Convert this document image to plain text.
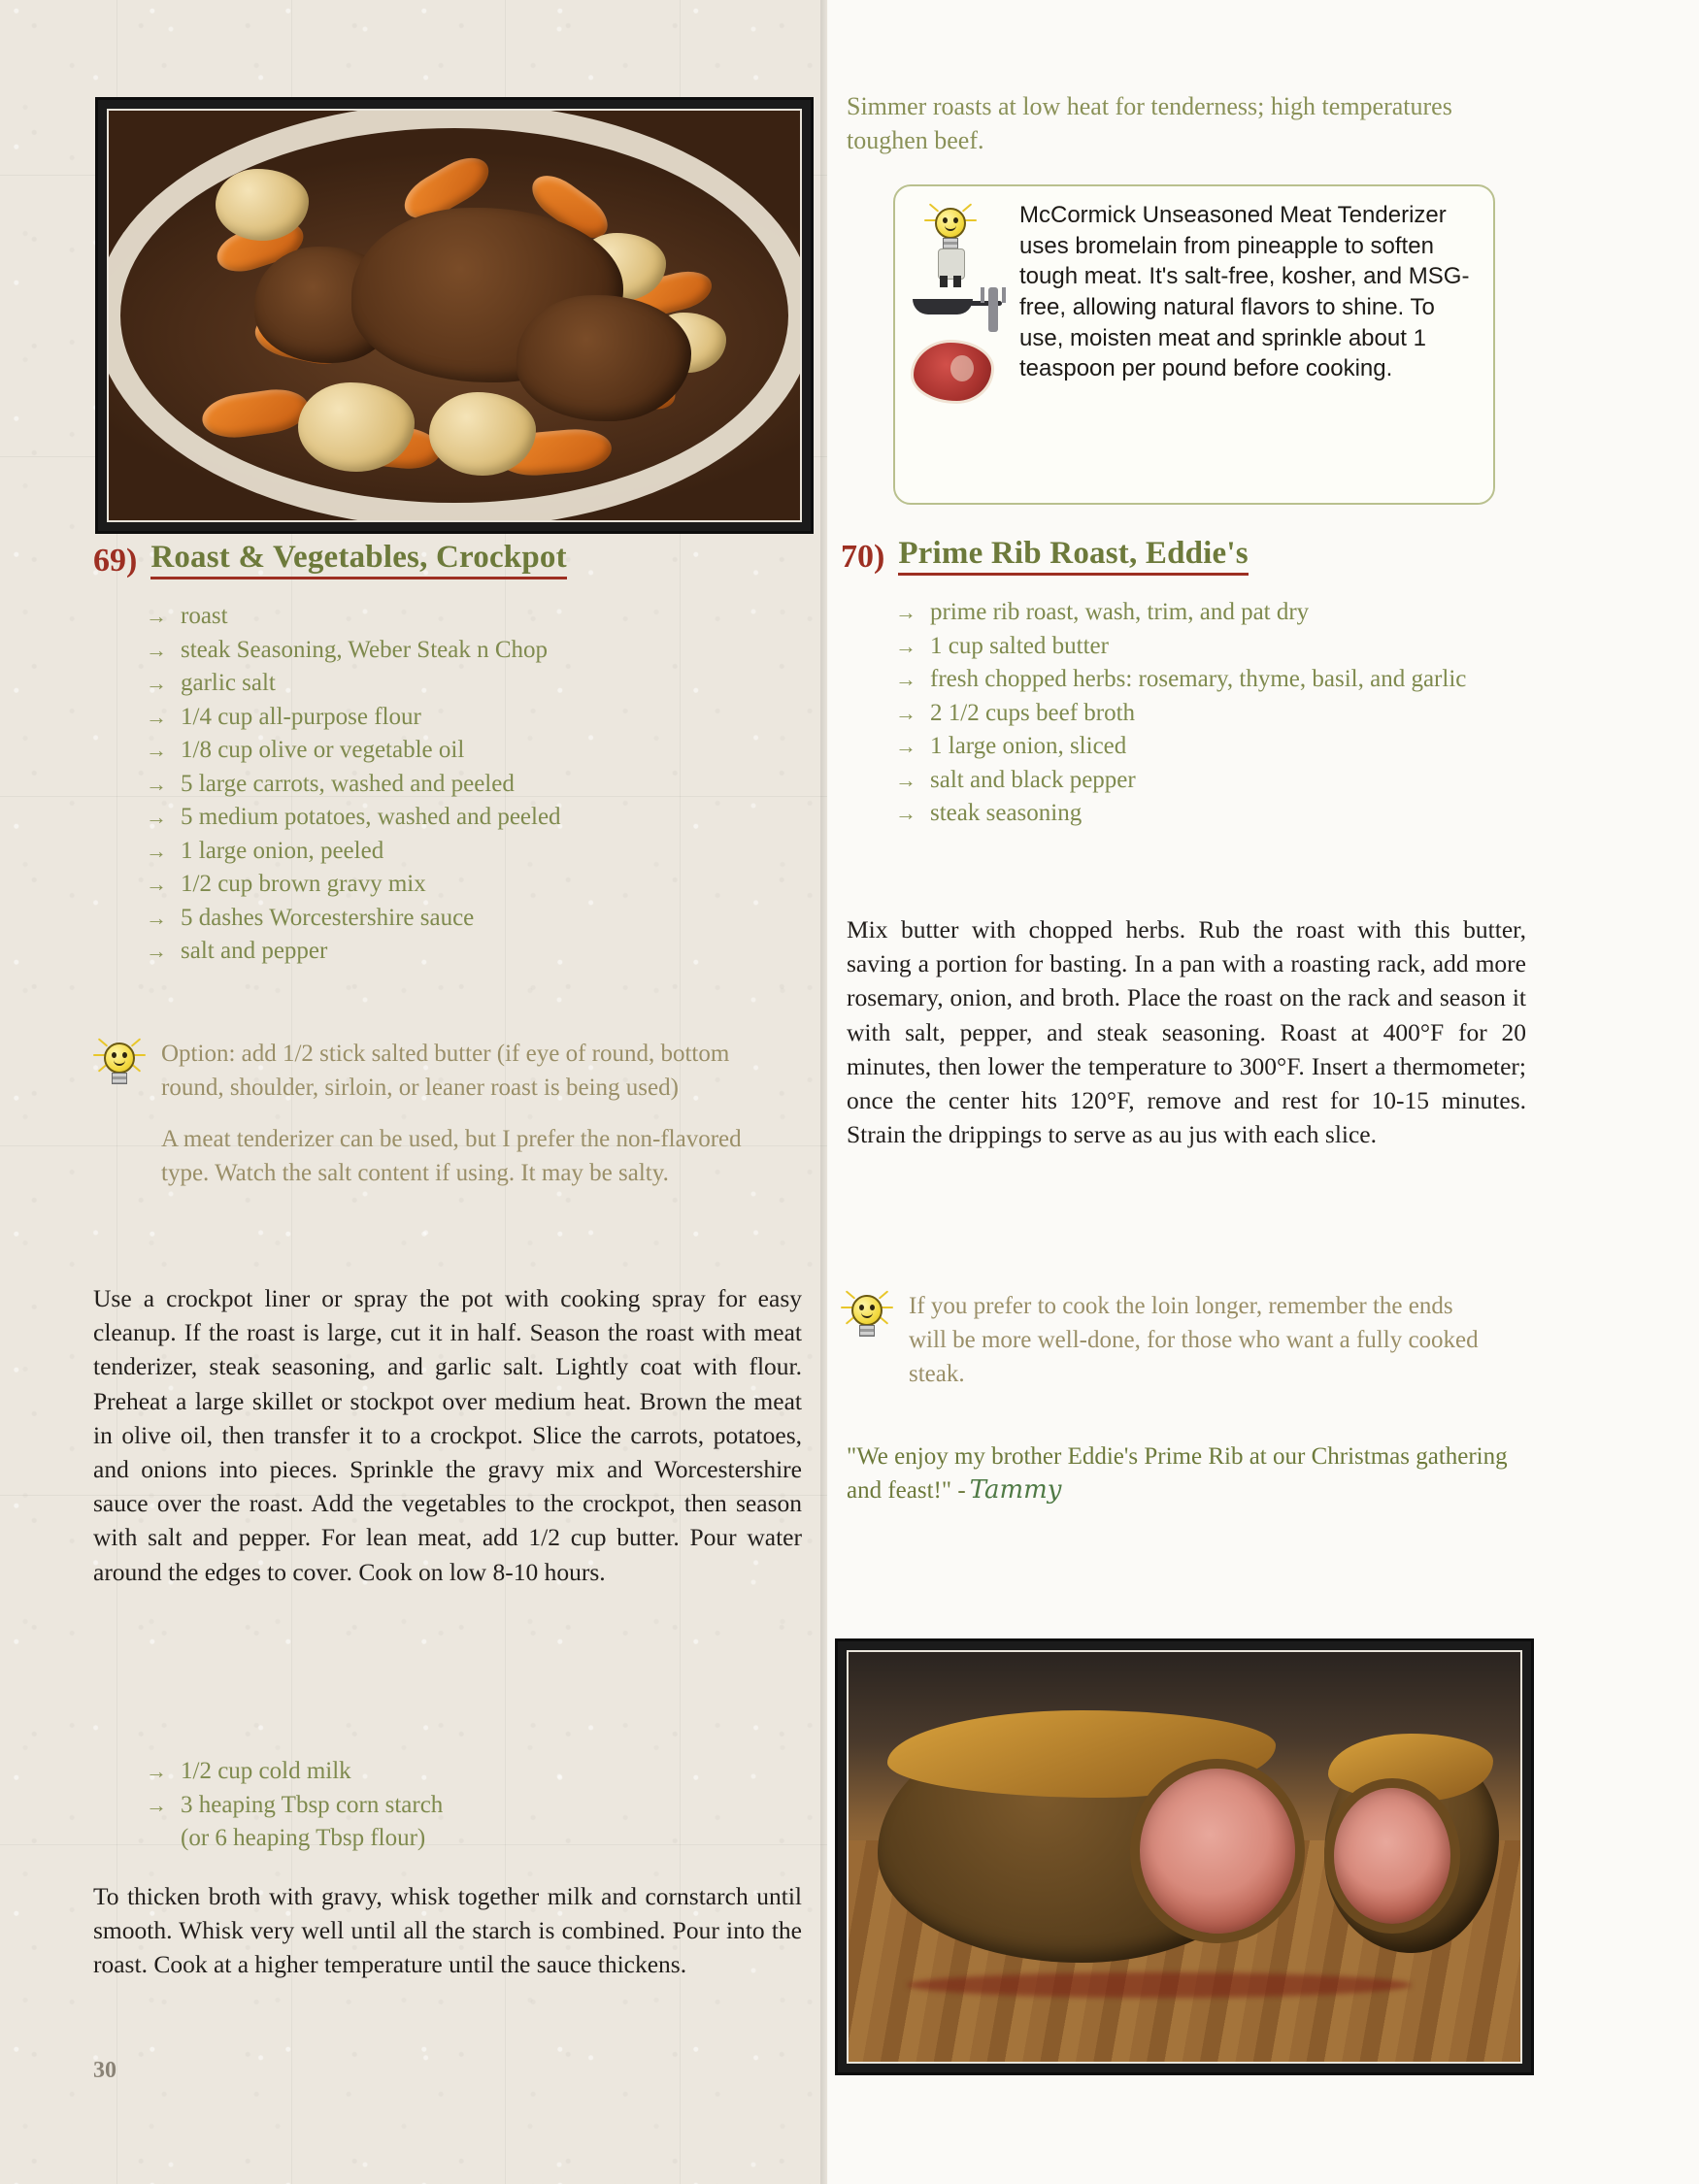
69) Roast & Vegetables, Crockpot
→ roast
→ steak Seasoning, Weber Steak n Chop
→ garlic salt
→ 1/4 cup all-purpose flour
→ 1/8 cup olive or vegetable oil
→ 5 large carrots, washed and peeled
→ 5 medium potatoes, washed and peeled
→ 1 large onion, peeled
→ 1/2 cup brown gravy mix
→ 5 dashes Worcestershire sauce
→ salt and pepper

Option: add 1/2 stick salted butter (if eye of round, bottom round, shoulder, sirloin, or leaner roast is being used)

A meat tenderizer can be used, but I prefer the non-flavored type. Watch the salt content if using. It may be salty.

Use a crockpot liner or spray the pot with cooking spray for easy cleanup. If the roast is large, cut it in half. Season the roast with meat tenderizer, steak seasoning, and garlic salt. Lightly coat with flour. Preheat a large skillet or stockpot over medium heat. Brown the meat in olive oil, then transfer it to a crockpot. Slice the carrots, potatoes, and onions into pieces. Sprinkle the gravy mix and Worcestershire sauce over the roast. Add the vegetables to the crockpot, then season with salt and pepper. For lean meat, add 1/2 cup butter. Pour water around the edges to cover. Cook on low 8-10 hours.

→ 1/2 cup cold milk
→ 3 heaping Tbsp corn starch
(or 6 heaping Tbsp flour)

To thicken broth with gravy, whisk together milk and cornstarch until smooth. Whisk very well until all the starch is combined. Pour into the roast. Cook at a higher temperature until the sauce thickens.

30

Simmer roasts at low heat for tenderness; high temperatures toughen beef.

McCormick Unseasoned Meat Tenderizer uses bromelain from pineapple to soften tough meat. It's salt-free, kosher, and MSG-free, allowing natural flavors to shine. To use, moisten meat and sprinkle about 1 teaspoon per pound before cooking.

70) Prime Rib Roast, Eddie's
→ prime rib roast, wash, trim, and pat dry
→ 1 cup salted butter
→ fresh chopped herbs: rosemary, thyme, basil, and garlic
→ 2 1/2 cups beef broth
→ 1 large onion, sliced
→ salt and black pepper
→ steak seasoning

Mix butter with chopped herbs. Rub the roast with this butter, saving a portion for basting. In a pan with a roasting rack, add more rosemary, onion, and broth. Place the roast on the rack and season it with salt, pepper, and steak seasoning. Roast at 400°F for 20 minutes, then lower the temperature to 300°F. Insert a thermometer; once the center hits 120°F, remove and rest for 10-15 minutes. Strain the drippings to serve as au jus with each slice.

If you prefer to cook the loin longer, remember the ends will be more well-done, for those who want a fully cooked steak.

"We enjoy my brother Eddie's Prime Rib at our Christmas gathering and feast!" - Tammy
